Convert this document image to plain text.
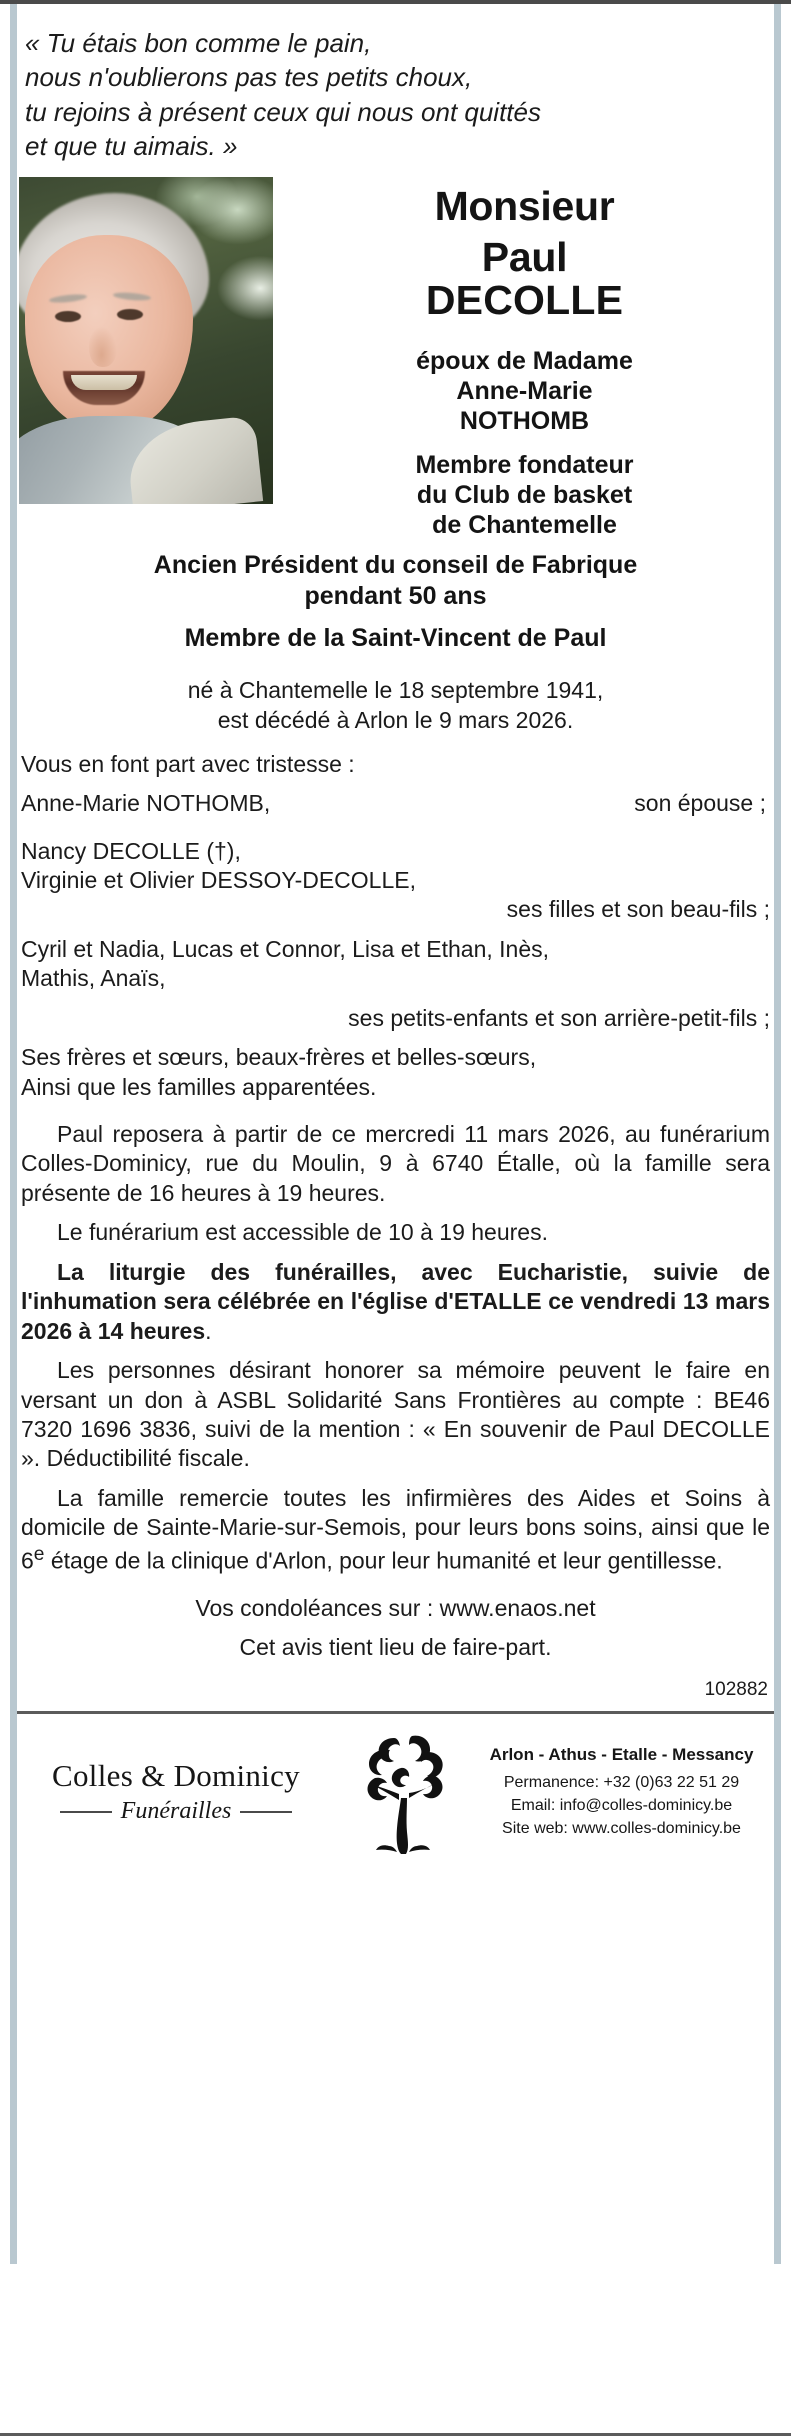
« Tu étais bon comme le pain,
nous n'oublierons pas tes petits choux,
tu rejoins à présent ceux qui nous ont quittés
et que tu aimais. »
Monsieur
Paul
DECOLLE
époux de Madame
Anne-Marie
NOTHOMB
Membre fondateur
du Club de basket
de Chantemelle
Ancien Président du conseil de Fabrique
pendant 50 ans
Membre de la Saint-Vincent de Paul
né à Chantemelle le 18 septembre 1941,
est décédé à Arlon le 9 mars 2026.
Vous en font part avec tristesse :
Anne-Marie NOTHOMB,	son épouse ;
Nancy DECOLLE (†),
Virginie et Olivier DESSOY-DECOLLE,
ses filles et son beau-fils ;
Cyril et Nadia, Lucas et Connor, Lisa et Ethan, Inès,
Mathis, Anaïs,
ses petits-enfants et son arrière-petit-fils ;
Ses frères et sœurs, beaux-frères et belles-sœurs,
Ainsi que les familles apparentées.
Paul reposera à partir de ce mercredi 11 mars 2026, au funérarium Colles-Dominicy, rue du Moulin, 9 à 6740 Étalle, où la famille sera présente de 16 heures à 19 heures.
Le funérarium est accessible de 10 à 19 heures.
La liturgie des funérailles, avec Eucharistie, suivie de l'inhumation sera célébrée en l'église d'ETALLE ce vendredi 13 mars 2026 à 14 heures.
Les personnes désirant honorer sa mémoire peuvent le faire en versant un don à ASBL Solidarité Sans Frontières au compte : BE46 7320 1696 3836, suivi de la mention : « En souvenir de Paul DECOLLE ». Déductibilité fiscale.
La famille remercie toutes les infirmières des Aides et Soins à domicile de Sainte-Marie-sur-Semois, pour leurs bons soins, ainsi que le 6e étage de la clinique d'Arlon, pour leur humanité et leur gentillesse.
Vos condoléances sur : www.enaos.net
Cet avis tient lieu de faire-part.
102882
Colles & Dominicy
Funérailles
Arlon - Athus - Etalle - Messancy
Permanence: +32 (0)63 22 51 29
Email: info@colles-dominicy.be
Site web: www.colles-dominicy.be
